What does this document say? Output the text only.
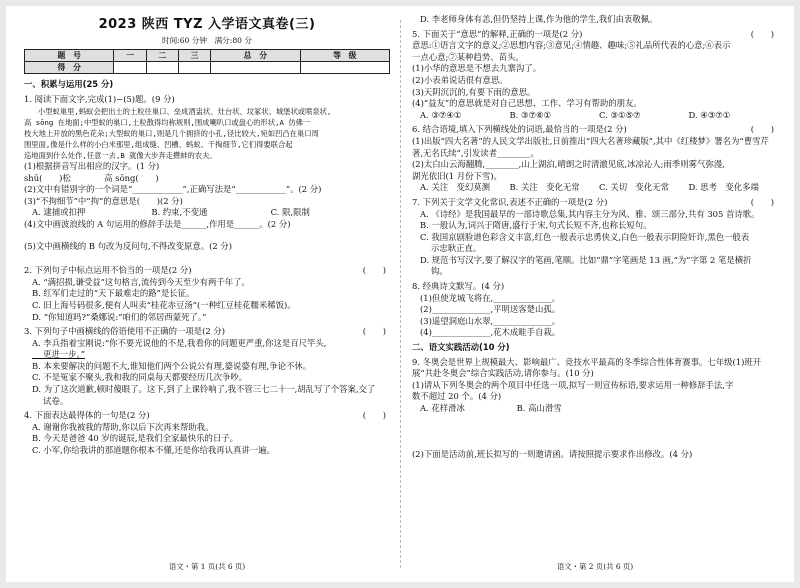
2023 陕西 TYZ 入学语文真卷(三)
时间:60 分钟　满分:80 分
题　号	一	二	三	总　分	等　级
得　分					
一、积累与运用(25 分)
1. 阅读下面文字,完成(1)~(5)题。(9 分)
小型蚁巢里,蚂蚁会把出土的土粒往巢口、垒成酒盅状、灶台状、坟冢状、城堡状或喷泉状,
高 sōng 在地面;中型蚁的巢口,土粒散得均称规则,围成喇叭口或盘心的形状,A 仿佛一
枝大地上开放的黑色花朵;大型蚁的巢口,则是几个拥挤的小孔,径比较大,宛如凹凸在巢口周
围里面,像是什么样的小白米那里,组成缝、凹槽、蚂蚁、干掏细节,它们得要联合起
巡地面到什么处作,任意一去,B 就像大步奔走攒蚌的农夫。
(1)根据拼音写出相应的汉字。(1 分)
shū(　　)松　　　　高 sōng(　　)
(2)文中有错别字的一个词是“____________”,正确写法是“____________”。(2 分)
(3)“不拘细节”中“拘”的意思是(　　)(2 分)
A. 逮捕或扣押	B. 约束,不变通	C. 限,限制
(4)文中画波浪线的 A 句运用的修辞手法是______,作用是______。(2 分)
(5)文中画横线的 B 句改为反问句,不得改变原意。(2 分)
(　　)
2. 下列句子中标点运用不恰当的一项是(2 分)
A. “满招损,谦受益”这句格言,流传到今天至少有两千年了。
B. 红军们走过的“天下最难走的路”是长征。
C. 旧上海号码很多,便有人叫卖“桂花赤豆汤”(一种红豆桂花糯米稀饭)。
D. “你知道吗?”桑娜说:“咱们的邻居西蒙死了。”
(　　)
3. 下列句子中画横线的俗语使用不正确的一项是(2 分)
A. 李兵指着宝刚说:“你不要光说他的不是,我看你的问题更严重,你这是百尺竿头,
　 更进一步。”
B. 本来要解决的问题不大,谁知他们两个公说公有理,婆说婆有理,争论不休。
C. 不是冤家不聚头,我和我的同桌每天都要经历几次争吵。
D. 为了这次道歉,顿时傻眼了。这下,到了上课铃响了,我不管三七二十一,胡乱写了个答案,交了
　 试卷。
(　　)
4. 下面表达最得体的一句是(2 分)
A. 谢谢你我被我的帮助,你以后下次再来帮助我。
B. 今天是爸爸 40 岁的诞辰,是我们全家最快乐的日子。
C. 小军,你给我讲的那道题你根本不懂,还是你给我再认真讲一遍。
语文・第 1 页(共 6 页)
D. 李老师身体有恙,但仍坚持上课,作为他的学生,我们由衷敬佩。
(　　)
5. 下面关于“意思”的解释,正确的一项是(2 分)
意思:①语言文字的意义;②思想内容;③意见;④情趣、趣味;⑤礼品所代表的心意;⑥表示
一点心意;⑦某种趋势、苗头。
(1)小华的意思是不想去九寨沟了。
(2)小表弟说话很有意思。
(3)天阴沉沉的,有要下雨的意思。
(4)“益友”的意思就是对自己思想、工作、学习有帮助的朋友。
A. ③⑦④①	B. ③⑦⑥①	C. ③①⑤⑦	D. ④③⑦①
(　　)
6. 结合语境,填入下列横线处的词语,最恰当的一项是(2 分)
(1)出版“四大名著”的人民文学出版社,日前推出“四大名著珍藏版”,其中《红楼梦》署名为“曹雪芹
著,无名氏续”,引发读者________。
(2)太白山云海翻腾,________,山上湖泊,晴朗之时清澈见底,冰凉沁人;雨季则雾气弥漫,
湖光依旧(1 月份下雪)。
A. 关注　变幻莫测	B. 关注　变化无常	C. 关切　变化无常	D. 思考　变化多端
(　　)
7. 下列关于文学文化常识,表述不正确的一项是(2 分)
A. 《诗经》是我国最早的一部诗歌总集,其内容主分为风、雅、颂三部分,共有 305 首诗歌。
B. 一般认为,词兴于隋唐,盛行于宋,句式长短不齐,也称长短句。
C. 我国京剧脸谱色彩含义丰富,红色一般表示忠勇侠义,白色一般表示阴险奸诈,黑色一般表
　 示忠耿正直。
D. 规范书写汉字,要了解汉字的笔画,笔顺。比如“鼎”字笔画是 13 画,“为”字第 2 笔是横折
　 钩。
8. 经典诗文默写。(4 分)
(1)但使龙城飞将在,______________。
(2)______________,平明送客楚山孤。
(3)遥望洞庭山水翠,______________。
(4)______________,花木成畦手自栽。
二、语文实践活动(10 分)
9. 冬奥会是世界上规模最大、影响最广、竞技水平最高的冬季综合性体育赛事。七年级(1)班开
展“共赴冬奥会”综合实践活动,请你参与。(10 分)
(1)请从下列冬奥会的两个项目中任选一项,拟写一则宣传标语,要求运用一种修辞手法,字
数不超过 20 个。(4 分)
A. 花样滑冰	B. 高山滑雪
(2)下面是活动前,班长拟写的一则邀请函。请按照提示要求作出修改。(4 分)
语文・第 2 页(共 6 页)
